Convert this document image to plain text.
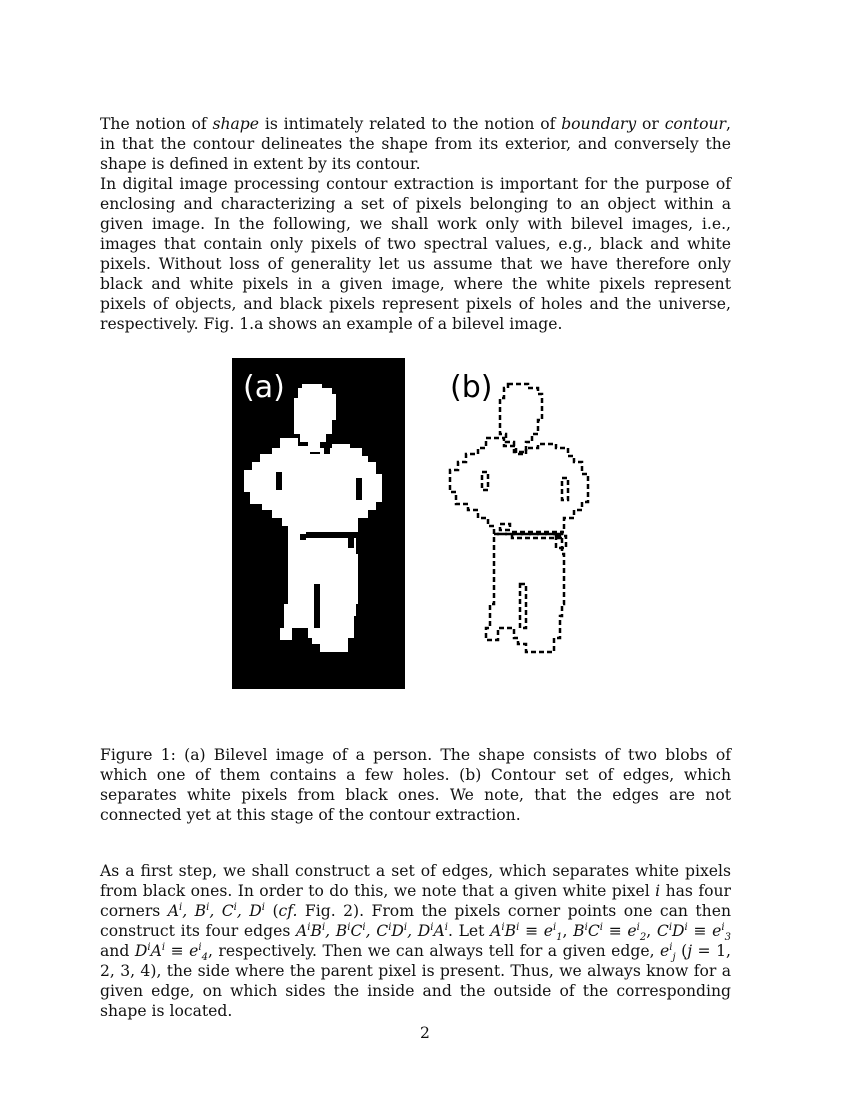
The notion of shape is intimately related to the notion of boundary or contour, in that the contour delineates the shape from its exterior, and conversely the shape is defined in extent by its contour.

In digital image processing contour extraction is important for the purpose of enclosing and characterizing a set of pixels belonging to an object within a given image. In the following, we shall work only with bilevel images, i.e., images that contain only pixels of two spectral values, e.g., black and white pixels. Without loss of generality let us assume that we have therefore only black and white pixels in a given image, where the white pixels represent pixels of objects, and black pixels represent pixels of holes and the universe, respectively. Fig. 1.a shows an example of a bilevel image.

(a)	(b)

Figure 1: (a) Bilevel image of a person. The shape consists of two blobs of which one of them contains a few holes. (b) Contour set of edges, which separates white pixels from black ones. We note, that the edges are not connected yet at this stage of the contour extraction.

As a first step, we shall construct a set of edges, which separates white pixels from black ones. In order to do this, we note that a given white pixel i has four corners $A^i$, $B^i$, $C^i$, $D^i$ (cf. Fig. 2). From the pixels corner points one can then construct its four edges $A^iB^i$, $B^iC^i$, $C^iD^i$, $D^iA^i$. Let $A^iB^i \equiv e^i_1$, $B^iC^i \equiv e^i_2$, $C^iD^i \equiv e^i_3$ and $D^iA^i \equiv e^i_4$, respectively. Then we can always tell for a given edge, $e^i_j$ (j = 1, 2, 3, 4), the side where the parent pixel is present. Thus, we always know for a given edge, on which sides the inside and the outside of the corresponding shape is located.

2
